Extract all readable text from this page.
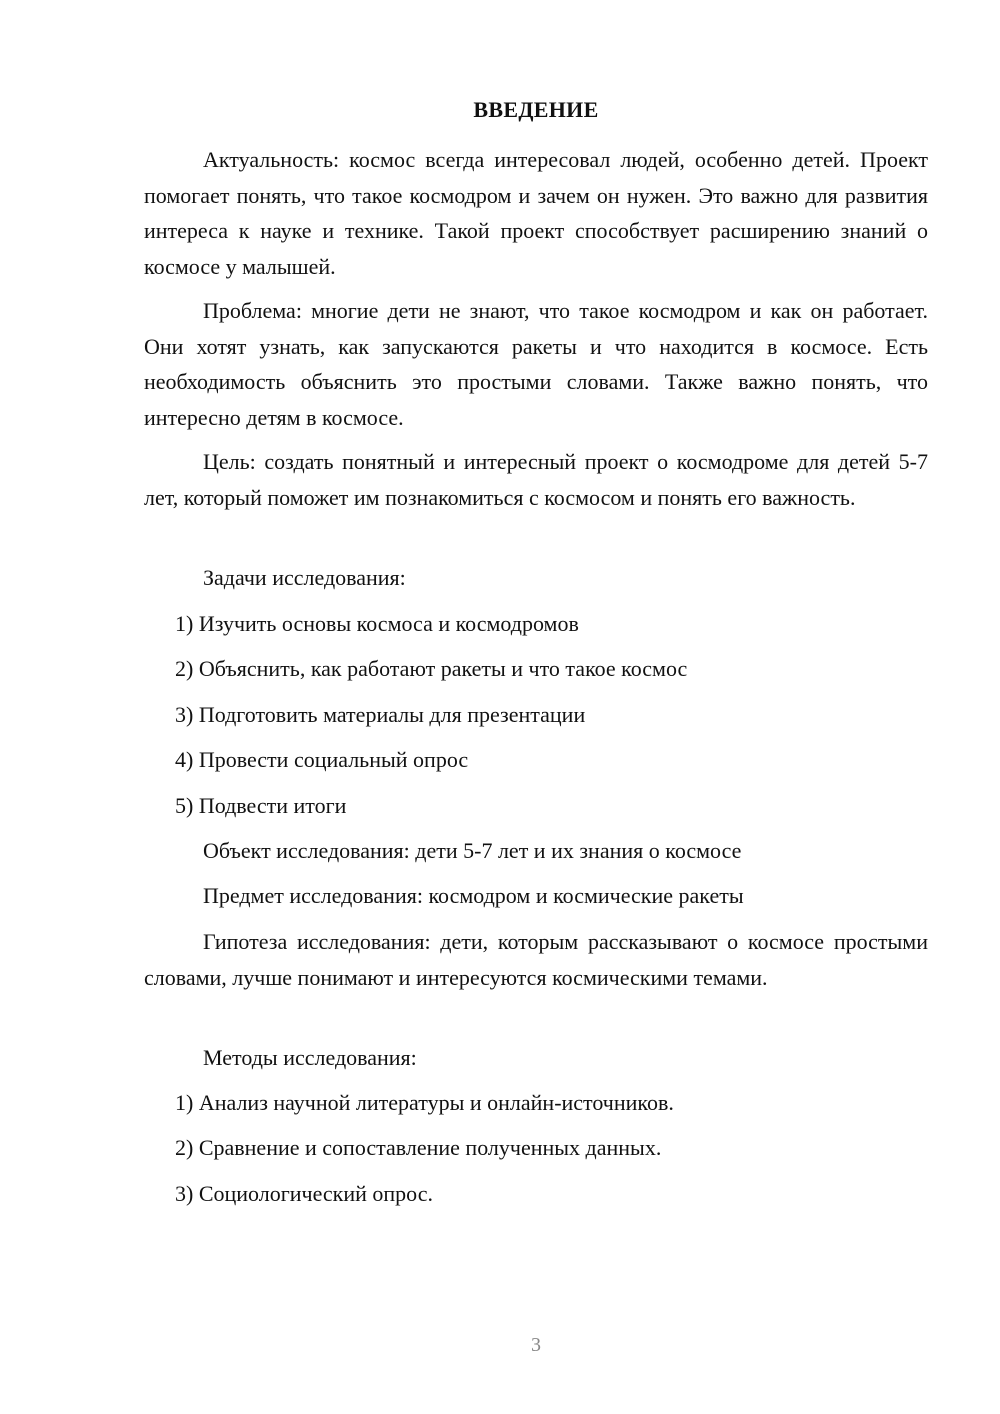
ВВЕДЕНИЕ

Актуальность: космос всегда интересовал людей, особенно детей. Проект помогает понять, что такое космодром и зачем он нужен. Это важно для развития интереса к науке и технике. Такой проект способствует расширению знаний о космосе у малышей.

Проблема: многие дети не знают, что такое космодром и как он работает. Они хотят узнать, как запускаются ракеты и что находится в космосе. Есть необходимость объяснить это простыми словами. Также важно понять, что интересно детям в космосе.

Цель: создать понятный и интересный проект о космодроме для детей 5-7 лет, который поможет им познакомиться с космосом и понять его важность.

Задачи исследования:

1) Изучить основы космоса и космодромов

2) Объяснить, как работают ракеты и что такое космос

3) Подготовить материалы для презентации

4) Провести социальный опрос

5) Подвести итоги

Объект исследования: дети 5-7 лет и их знания о космосе

Предмет исследования: космодром и космические ракеты

Гипотеза исследования: дети, которым рассказывают о космосе простыми словами, лучше понимают и интересуются космическими темами.

Методы исследования:

1) Анализ научной литературы и онлайн-источников.

2) Сравнение и сопоставление полученных данных.

3) Социологический опрос.

3
